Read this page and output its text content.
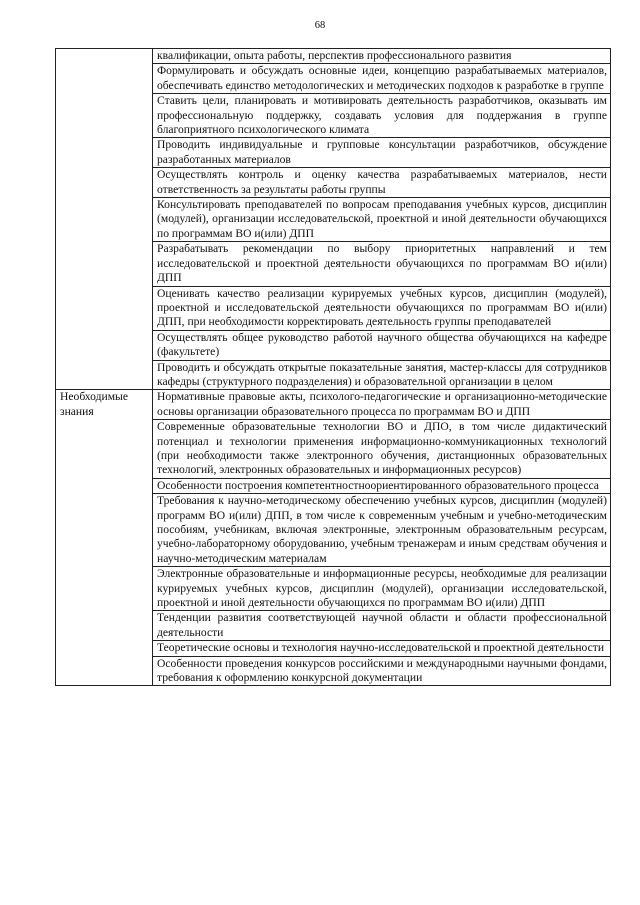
68
	квалификации, опыта работы, перспектив профессионального развития
	Формулировать и обсуждать основные идеи, концепцию разрабатываемых материалов, обеспечивать единство методологических и методических подходов к разработке в группе
	Ставить цели, планировать и мотивировать деятельность разработчиков, оказывать им профессиональную поддержку, создавать условия для поддержания в группе благоприятного психологического климата
	Проводить индивидуальные и групповые консультации разработчиков, обсуждение разработанных материалов
	Осуществлять контроль и оценку качества разрабатываемых материалов, нести ответственность за результаты работы группы
	Консультировать преподавателей по вопросам преподавания учебных курсов, дисциплин (модулей), организации исследовательской, проектной и иной деятельности обучающихся по программам ВО и(или) ДПП
	Разрабатывать рекомендации по выбору приоритетных направлений и тем исследовательской и проектной деятельности обучающихся по программам ВО и(или) ДПП
	Оценивать качество реализации курируемых учебных курсов, дисциплин (модулей), проектной и исследовательской деятельности обучающихся по программам ВО и(или) ДПП, при необходимости корректировать деятельность группы преподавателей
	Осуществлять общее руководство работой научного общества обучающихся на кафедре (факультете)
	Проводить и обсуждать открытые показательные занятия, мастер-классы для сотрудников кафедры (структурного подразделения) и образовательной организации в целом
Необходимые знания	Нормативные правовые акты, психолого-педагогические и организационно-методические основы организации образовательного процесса по программам ВО и ДПП
	Современные образовательные технологии ВО и ДПО, в том числе дидактический потенциал и технологии применения информационно-коммуникационных технологий (при необходимости также электронного обучения, дистанционных образовательных технологий, электронных образовательных и информационных ресурсов)
	Особенности построения компетентностноориентированного образовательного процесса
	Требования к научно-методическому обеспечению учебных курсов, дисциплин (модулей) программ ВО и(или) ДПП, в том числе к современным учебным и учебно-методическим пособиям, учебникам, включая электронные, электронным образовательным ресурсам, учебно-лабораторному оборудованию, учебным тренажерам и иным средствам обучения и научно-методическим материалам
	Электронные образовательные и информационные ресурсы, необходимые для реализации курируемых учебных курсов, дисциплин (модулей), организации исследовательской, проектной и иной деятельности обучающихся по программам ВО и(или) ДПП
	Тенденции развития соответствующей научной области и области профессиональной деятельности
	Теоретические основы и технология научно-исследовательской и проектной деятельности
	Особенности проведения конкурсов российскими и международными научными фондами, требования к оформлению конкурсной документации
